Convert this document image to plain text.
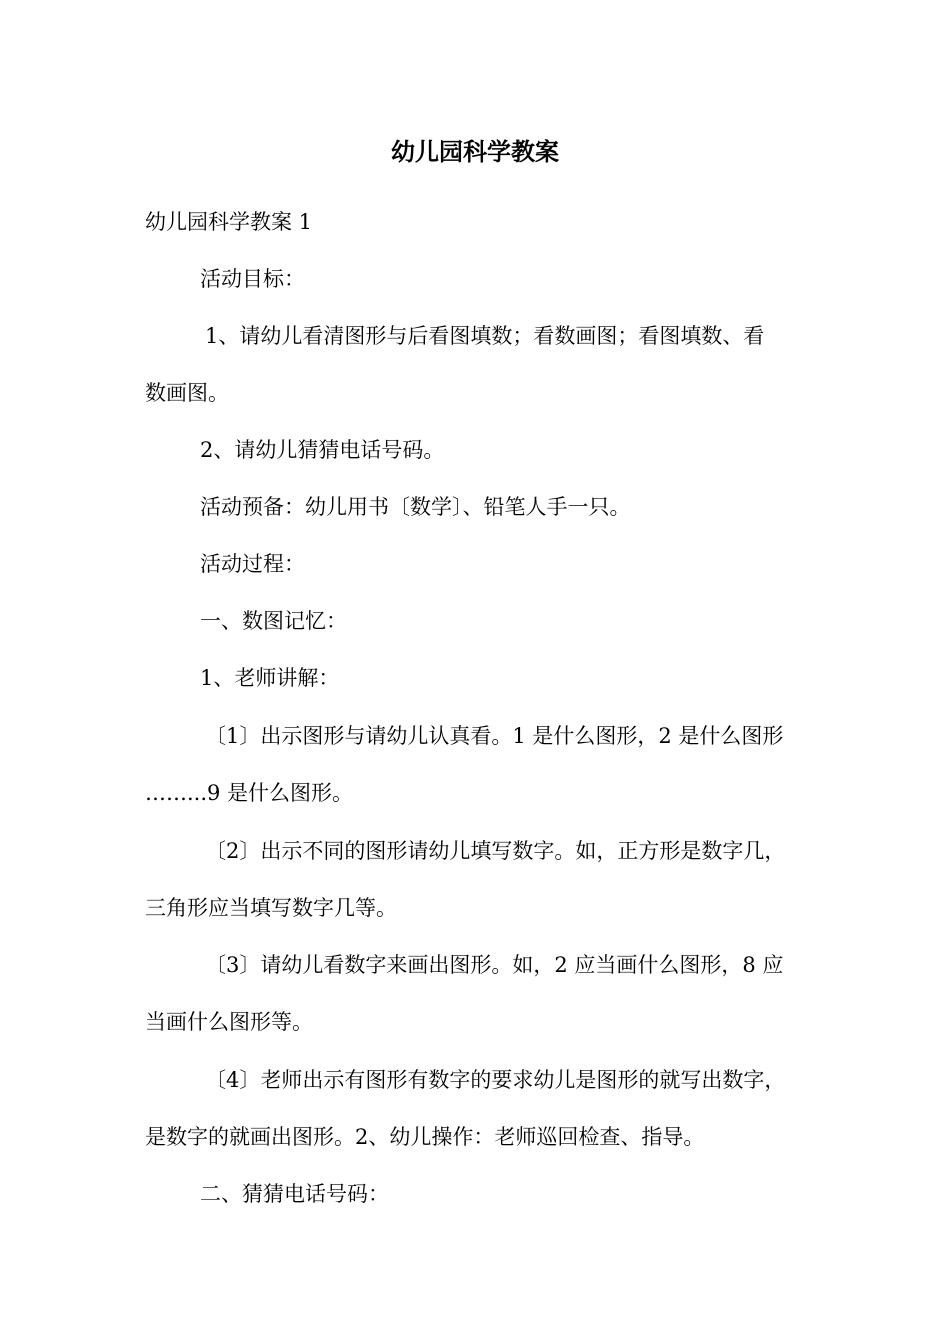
幼儿园科学教案

幼儿园科学教案 1

活动目标：

1、请幼儿看清图形与后看图填数；看数画图；看图填数、看

数画图。

2、请幼儿猜猜电话号码。

活动预备：幼儿用书〔数学〕、铅笔人手一只。

活动过程：

一、数图记忆：

1、老师讲解：

〔1〕出示图形与请幼儿认真看。1 是什么图形，2 是什么图形

……...9 是什么图形。

〔2〕出示不同的图形请幼儿填写数字。如，正方形是数字几，

三角形应当填写数字几等。

〔3〕请幼儿看数字来画出图形。如，2 应当画什么图形，8 应

当画什么图形等。

〔4〕老师出示有图形有数字的要求幼儿是图形的就写出数字，

是数字的就画出图形。2、幼儿操作：老师巡回检查、指导。

二、猜猜电话号码：
